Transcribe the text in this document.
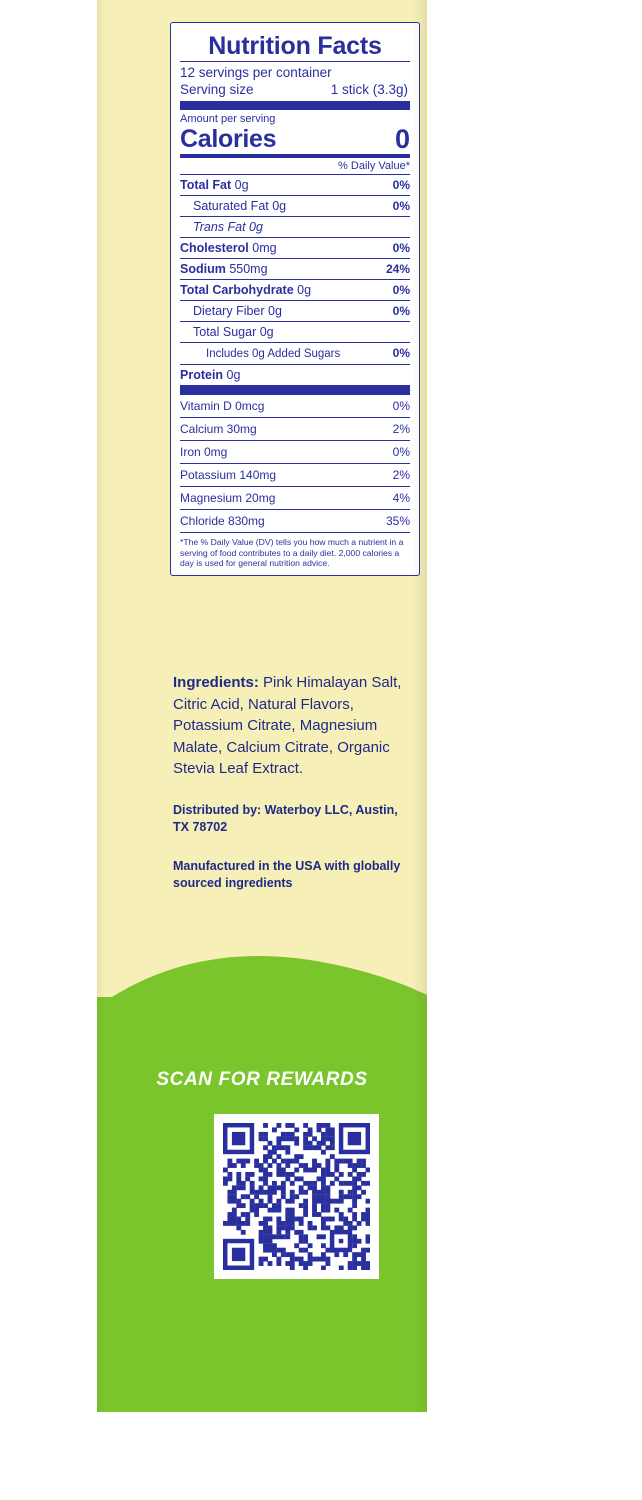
Nutrition Facts
12 servings per container
Serving size	1 stick (3.3g)
Amount per serving
Calories	0
% Daily Value*
Total Fat 0g	0%
Saturated Fat 0g	0%
Trans Fat 0g
Cholesterol 0mg	0%
Sodium 550mg	24%
Total Carbohydrate 0g	0%
Dietary Fiber 0g	0%
Total Sugar 0g
Includes 0g Added Sugars	0%
Protein 0g
Vitamin D 0mcg	0%
Calcium 30mg	2%
Iron 0mg	0%
Potassium 140mg	2%
Magnesium 20mg	4%
Chloride 830mg	35%
*The % Daily Value (DV) tells you how much a nutrient in a serving of food contributes to a daily diet. 2,000 calories a day is used for general nutrition advice.

Ingredients: Pink Himalayan Salt, Citric Acid, Natural Flavors, Potassium Citrate, Magnesium Malate, Calcium Citrate, Organic Stevia Leaf Extract.

Distributed by: Waterboy LLC, Austin, TX 78702
Manufactured in the USA with globally sourced ingredients
SCAN FOR REWARDS
